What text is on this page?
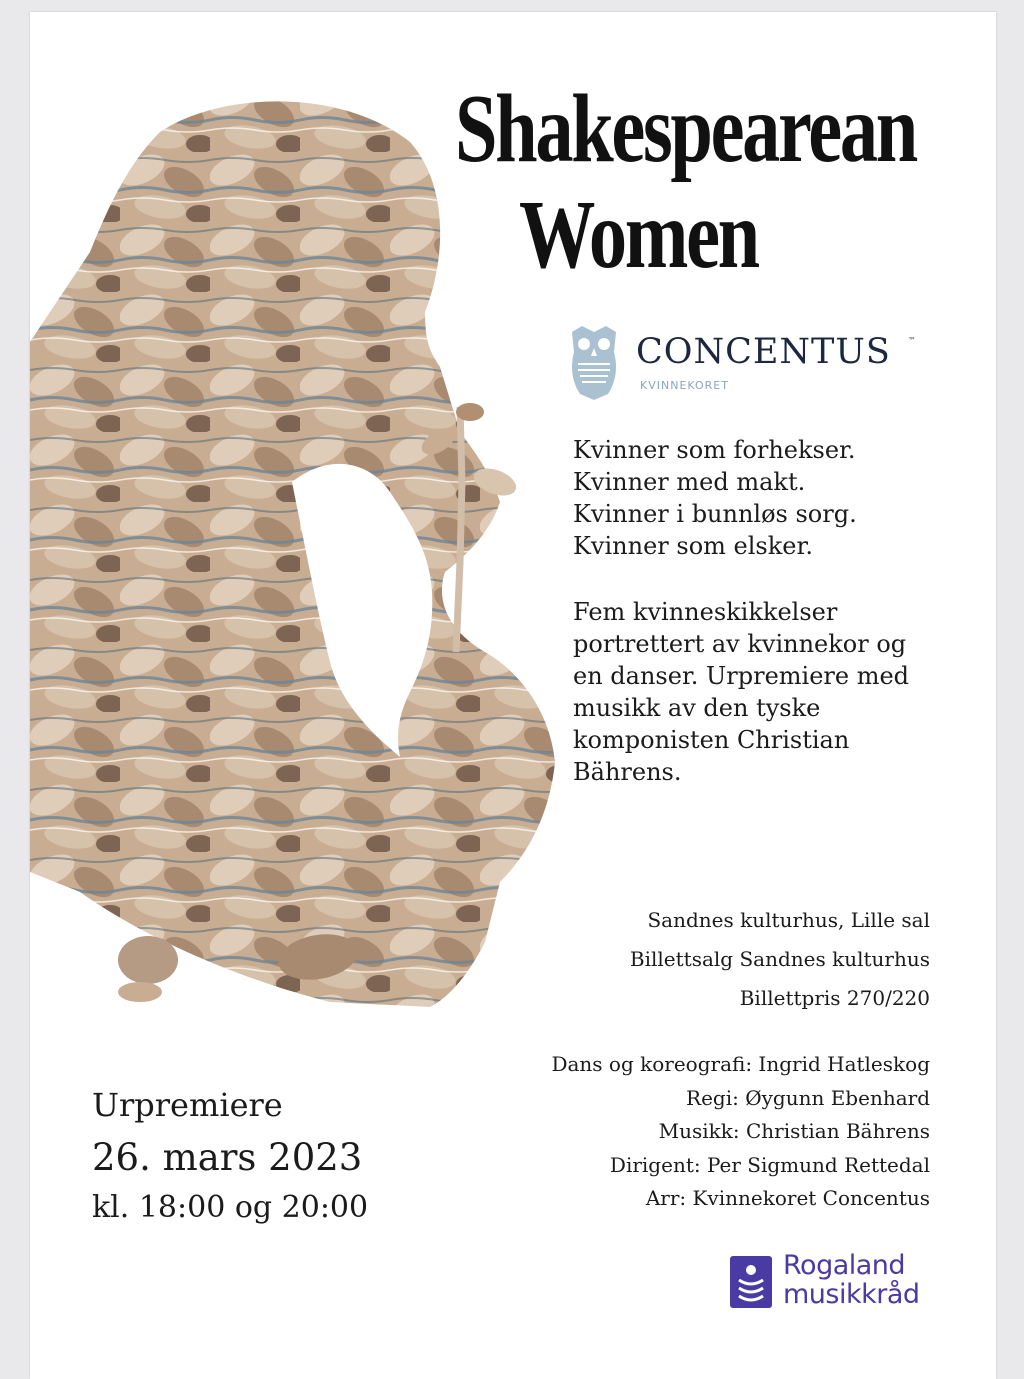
Shakespearean
Women
CONCENTUS ™
KVINNEKORET
Kvinner som forhekser.
Kvinner med makt.
Kvinner i bunnløs sorg.
Kvinner som elsker.
Fem kvinneskikkelser
portrettert av kvinnekor og
en danser. Urpremiere med
musikk av den tyske
komponisten Christian
Bährens.
Sandnes kulturhus, Lille sal
Billettsalg Sandnes kulturhus
Billettpris 270/220
Dans og koreografi: Ingrid Hatleskog
Regi: Øygunn Ebenhard
Musikk: Christian Bährens
Dirigent: Per Sigmund Rettedal
Arr: Kvinnekoret Concentus
Urpremiere
26. mars 2023
kl. 18:00 og 20:00
Rogaland
musikkråd
